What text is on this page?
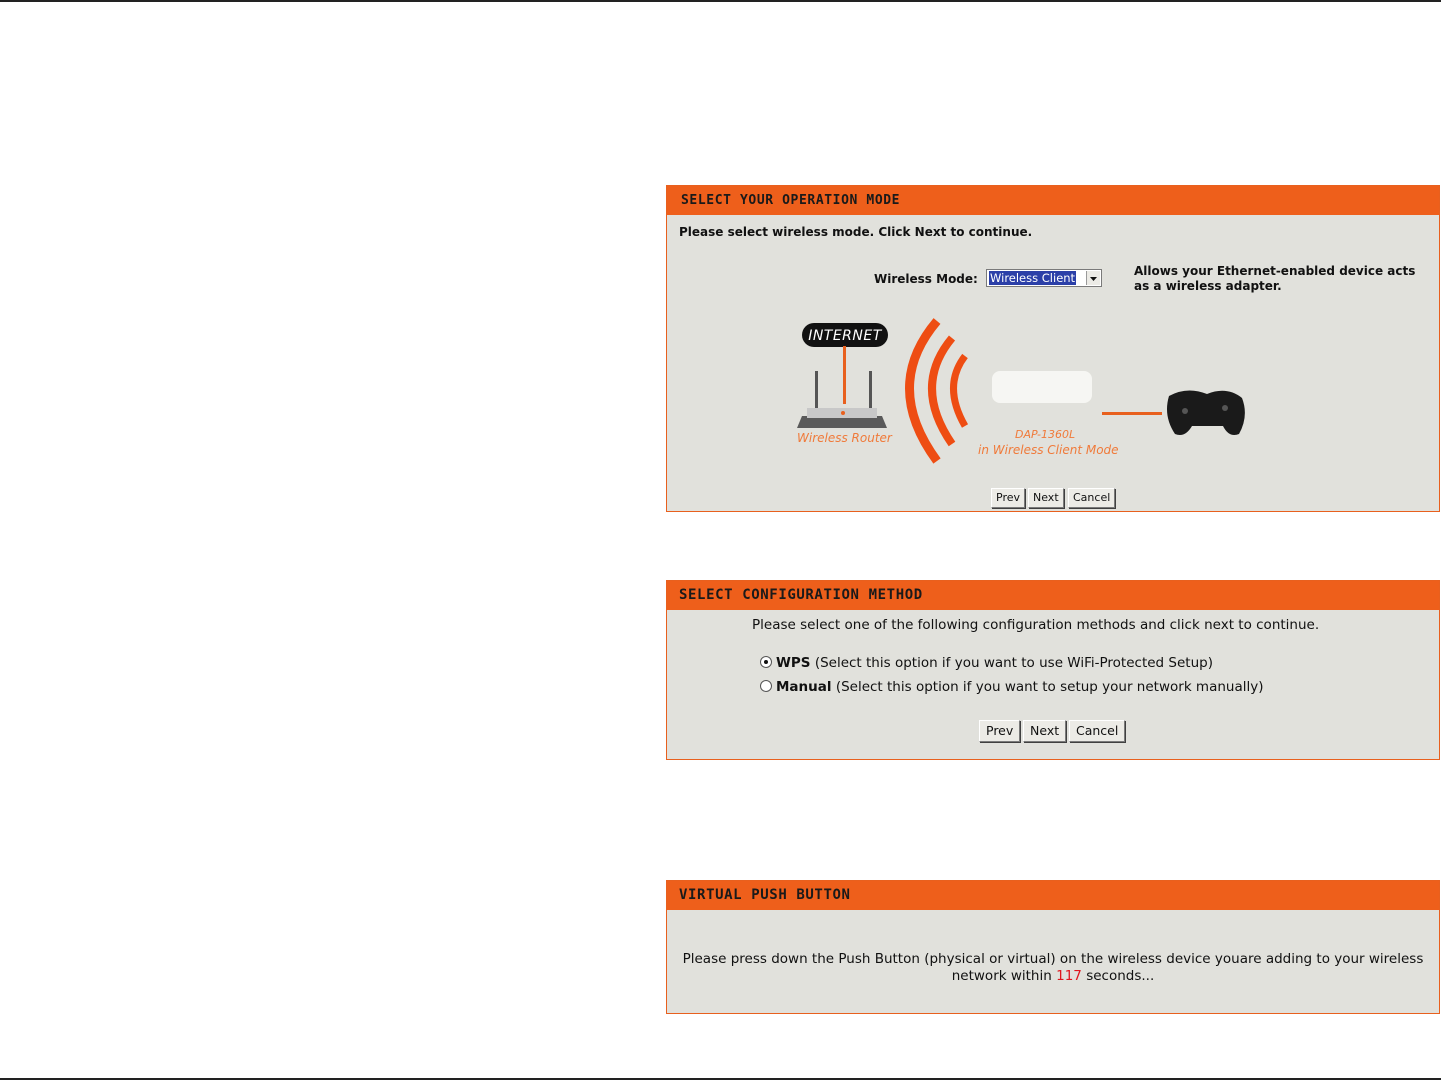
SELECT YOUR OPERATION MODE
Please select wireless mode. Click Next to continue.
Wireless Mode: Wireless Client	Allows your Ethernet-enabled device acts as a wireless adapter.
INTERNET
Wireless Router	DAP-1360L
in Wireless Client Mode
Prev	Next	Cancel
SELECT CONFIGURATION METHOD
Please select one of the following configuration methods and click next to continue.
WPS (Select this option if you want to use WiFi-Protected Setup)
Manual (Select this option if you want to setup your network manually)
Prev	Next	Cancel
VIRTUAL PUSH BUTTON
Please press down the Push Button (physical or virtual) on the wireless device youare adding to your wireless
network within 117 seconds...
